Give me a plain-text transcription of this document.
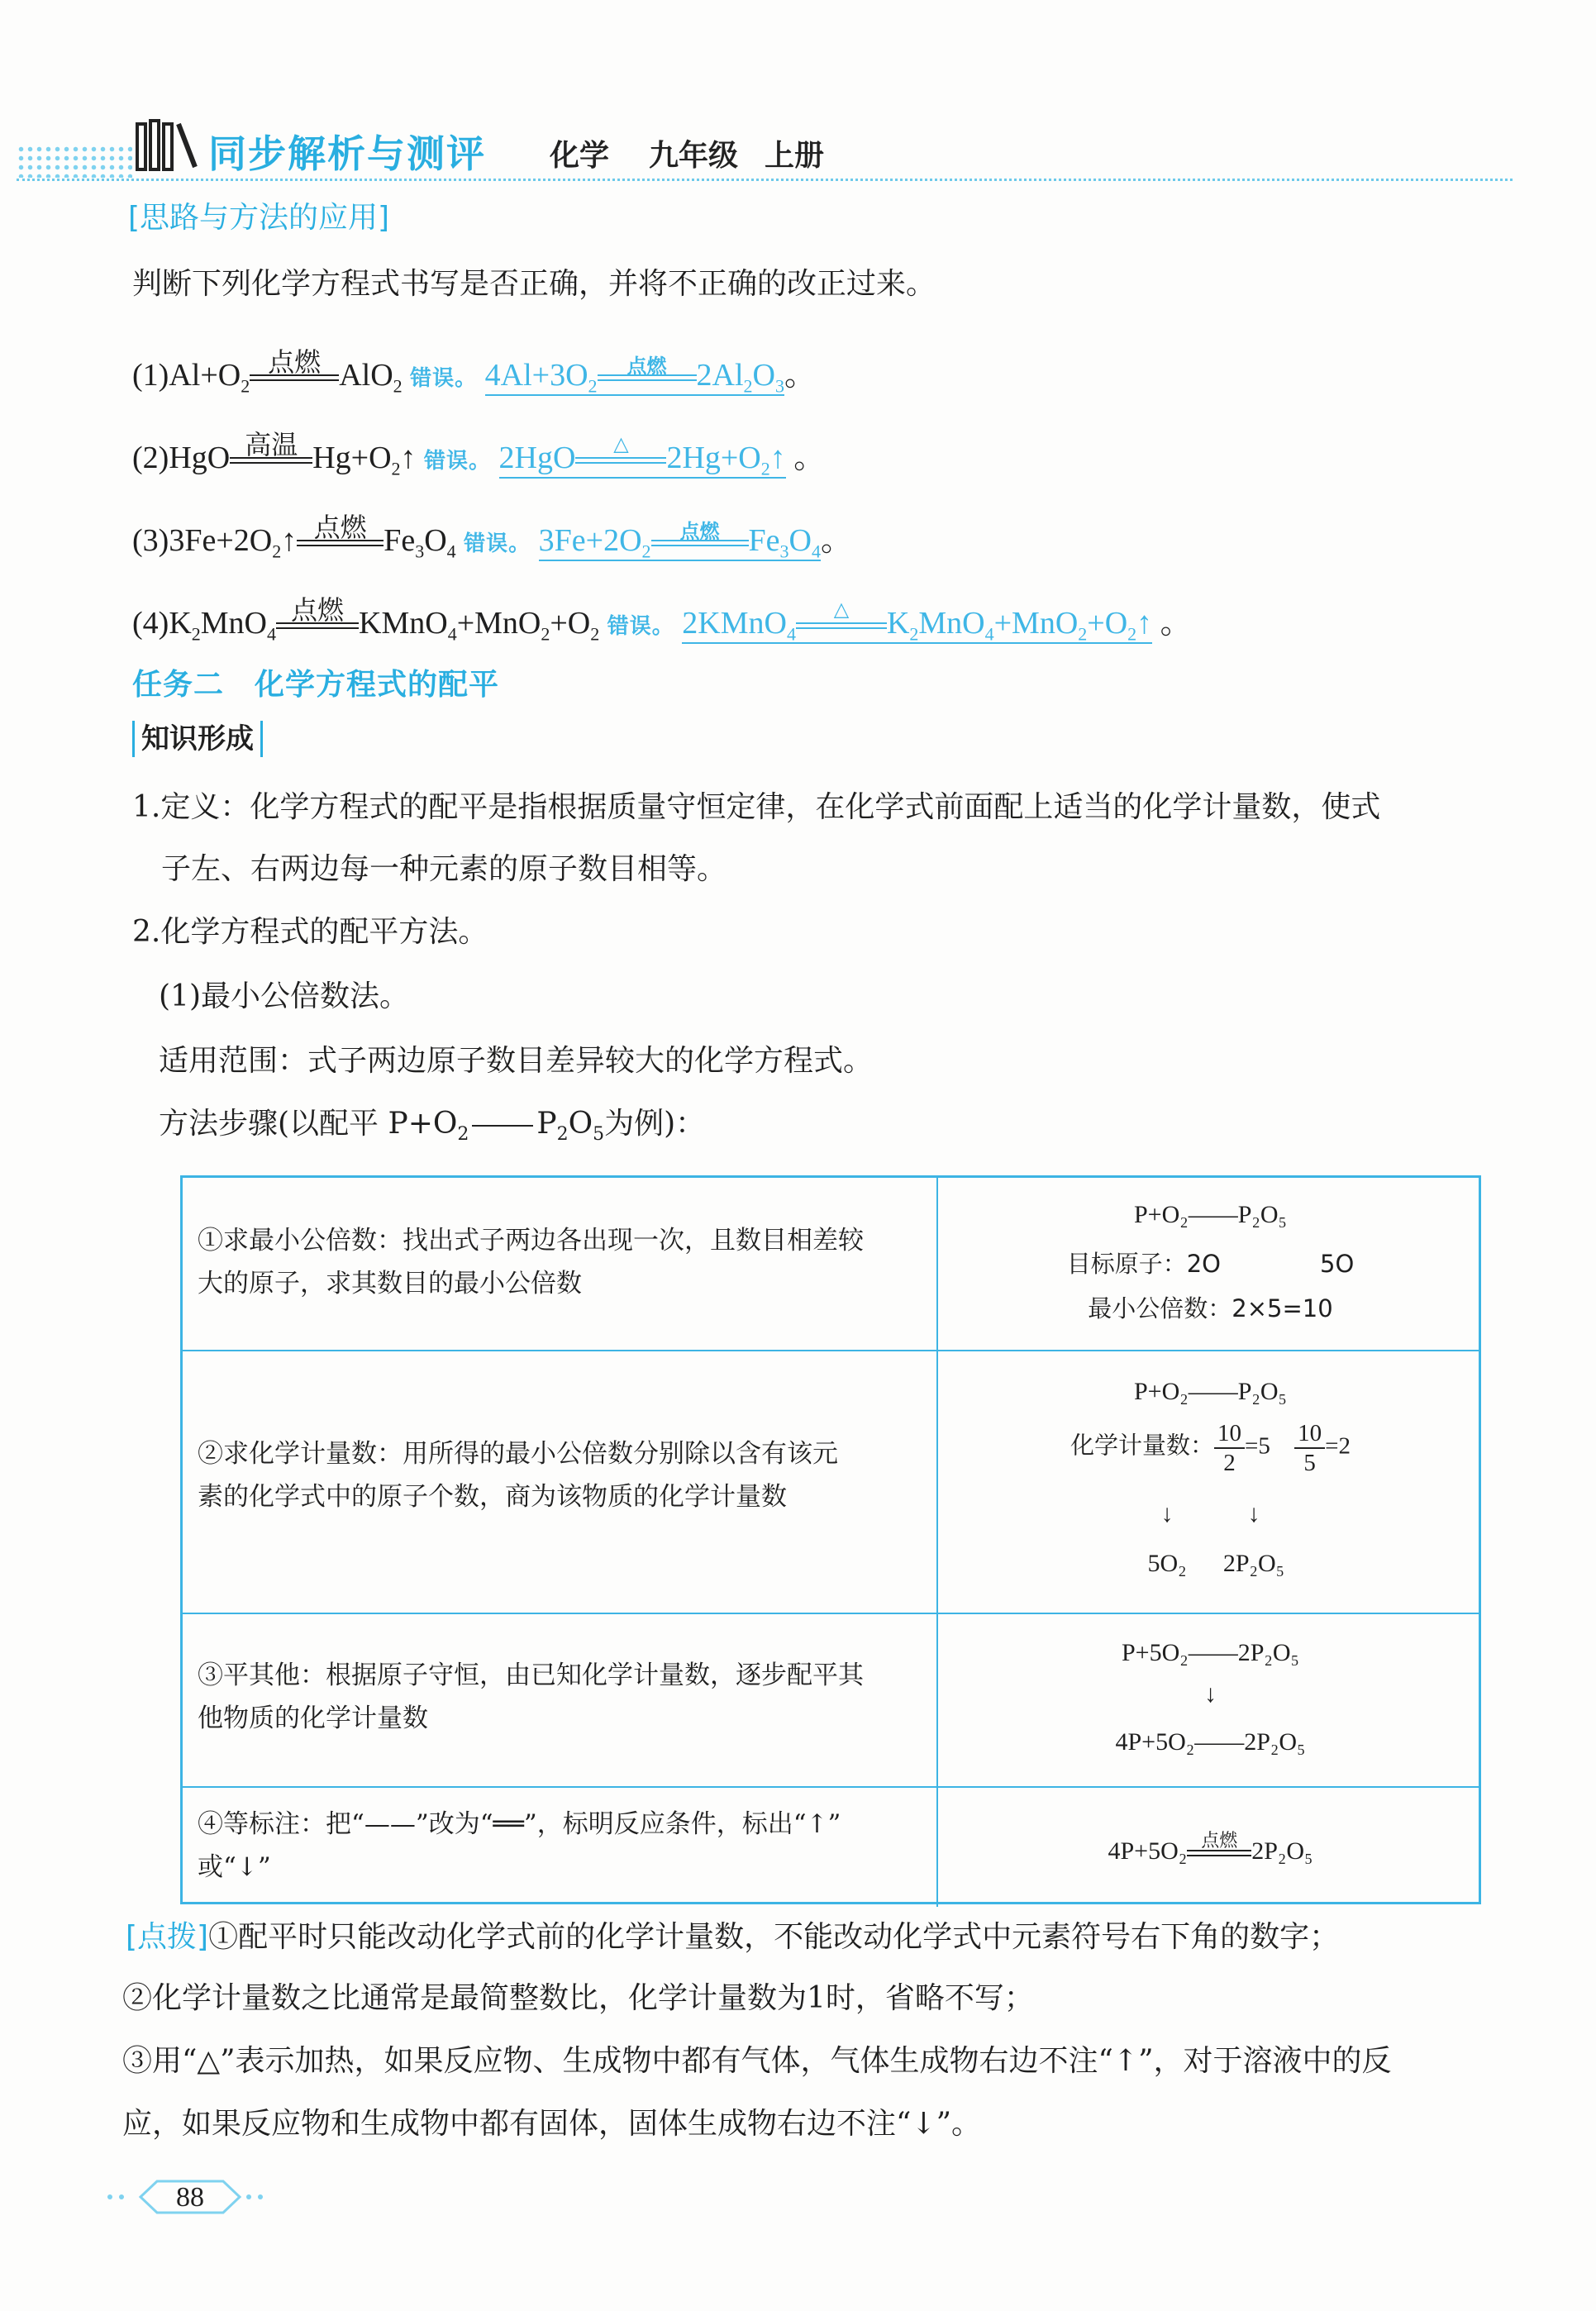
同步解析与测评 化学 九年级 上册
[思路与方法的应用]
判断下列化学方程式书写是否正确，并将不正确的改正过来。
$(1)Al+O_2$
点燃 AlO$_2$ 错误。 $4Al+3O_2$
点燃 $2Al_2O_3$。
(2)HgO 高温 $Hg+O_2↑$ 错误。 2HgO	△	$2Hg+O_2↑$ 。
$(3)3Fe+2O_2↑$ 点燃 $Fe_3O_4$ 错误。 $3Fe+2O_2$
点燃 $Fe_3O_4$。
$(4)K_2MnO_4$
点燃 $KMnO_4+MnO_2+O_2$ 错误。 2KMnO$_4$
△	$K_2MnO_4+MnO_2+O_2↑$ 。
任务二　化学方程式的配平
知识形成
1.定义：化学方程式的配平是指根据质量守恒定律，在化学式前面配上适当的化学计量数，使式
子左、右两边每一种元素的原子数目相等。
2.化学方程式的配平方法。
(1)最小公倍数法。
适用范围：式子两边原子数目差异较大的化学方程式。
方法步骤(以配平 $P+O_2$ $P_2O_5$为例)：
①求最小公倍数：找出式子两边各出现一次，且数目相差较
大的原子，求其数目的最小公倍数
P+O₂——P₂O₅
目标原子：2O	5O
最小公倍数：2×5=10
②求化学计量数：用所得的最小公倍数分别除以含有该元
素的化学式中的原子个数，商为该物质的化学计量数
P+O₂——P₂O₅
化学计量数： $\frac{10}{2} =5 \frac{10}{5} =2$
↓	↓
5O₂ 2P₂O₅
③平其他：根据原子守恒，由已知化学计量数，逐步配平其
他物质的化学计量数
P+5O₂——2P₂O₅
↓
4P+5O₂——2P₂O₅
④等标注：把“——”改为“══”，标明反应条件，标出“↑”
或“↓”
4P+5O₂ 点燃 2P₂O₅
[点拨]①配平时只能改动化学式前的化学计量数，不能改动化学式中元素符号右下角的数字；
②化学计量数之比通常是最简整数比，化学计量数为1时，省略不写；
③用“△”表示加热，如果反应物、生成物中都有气体，气体生成物右边不注“↑”，对于溶液中的反
应，如果反应物和生成物中都有固体，固体生成物右边不注“↓”。
88
